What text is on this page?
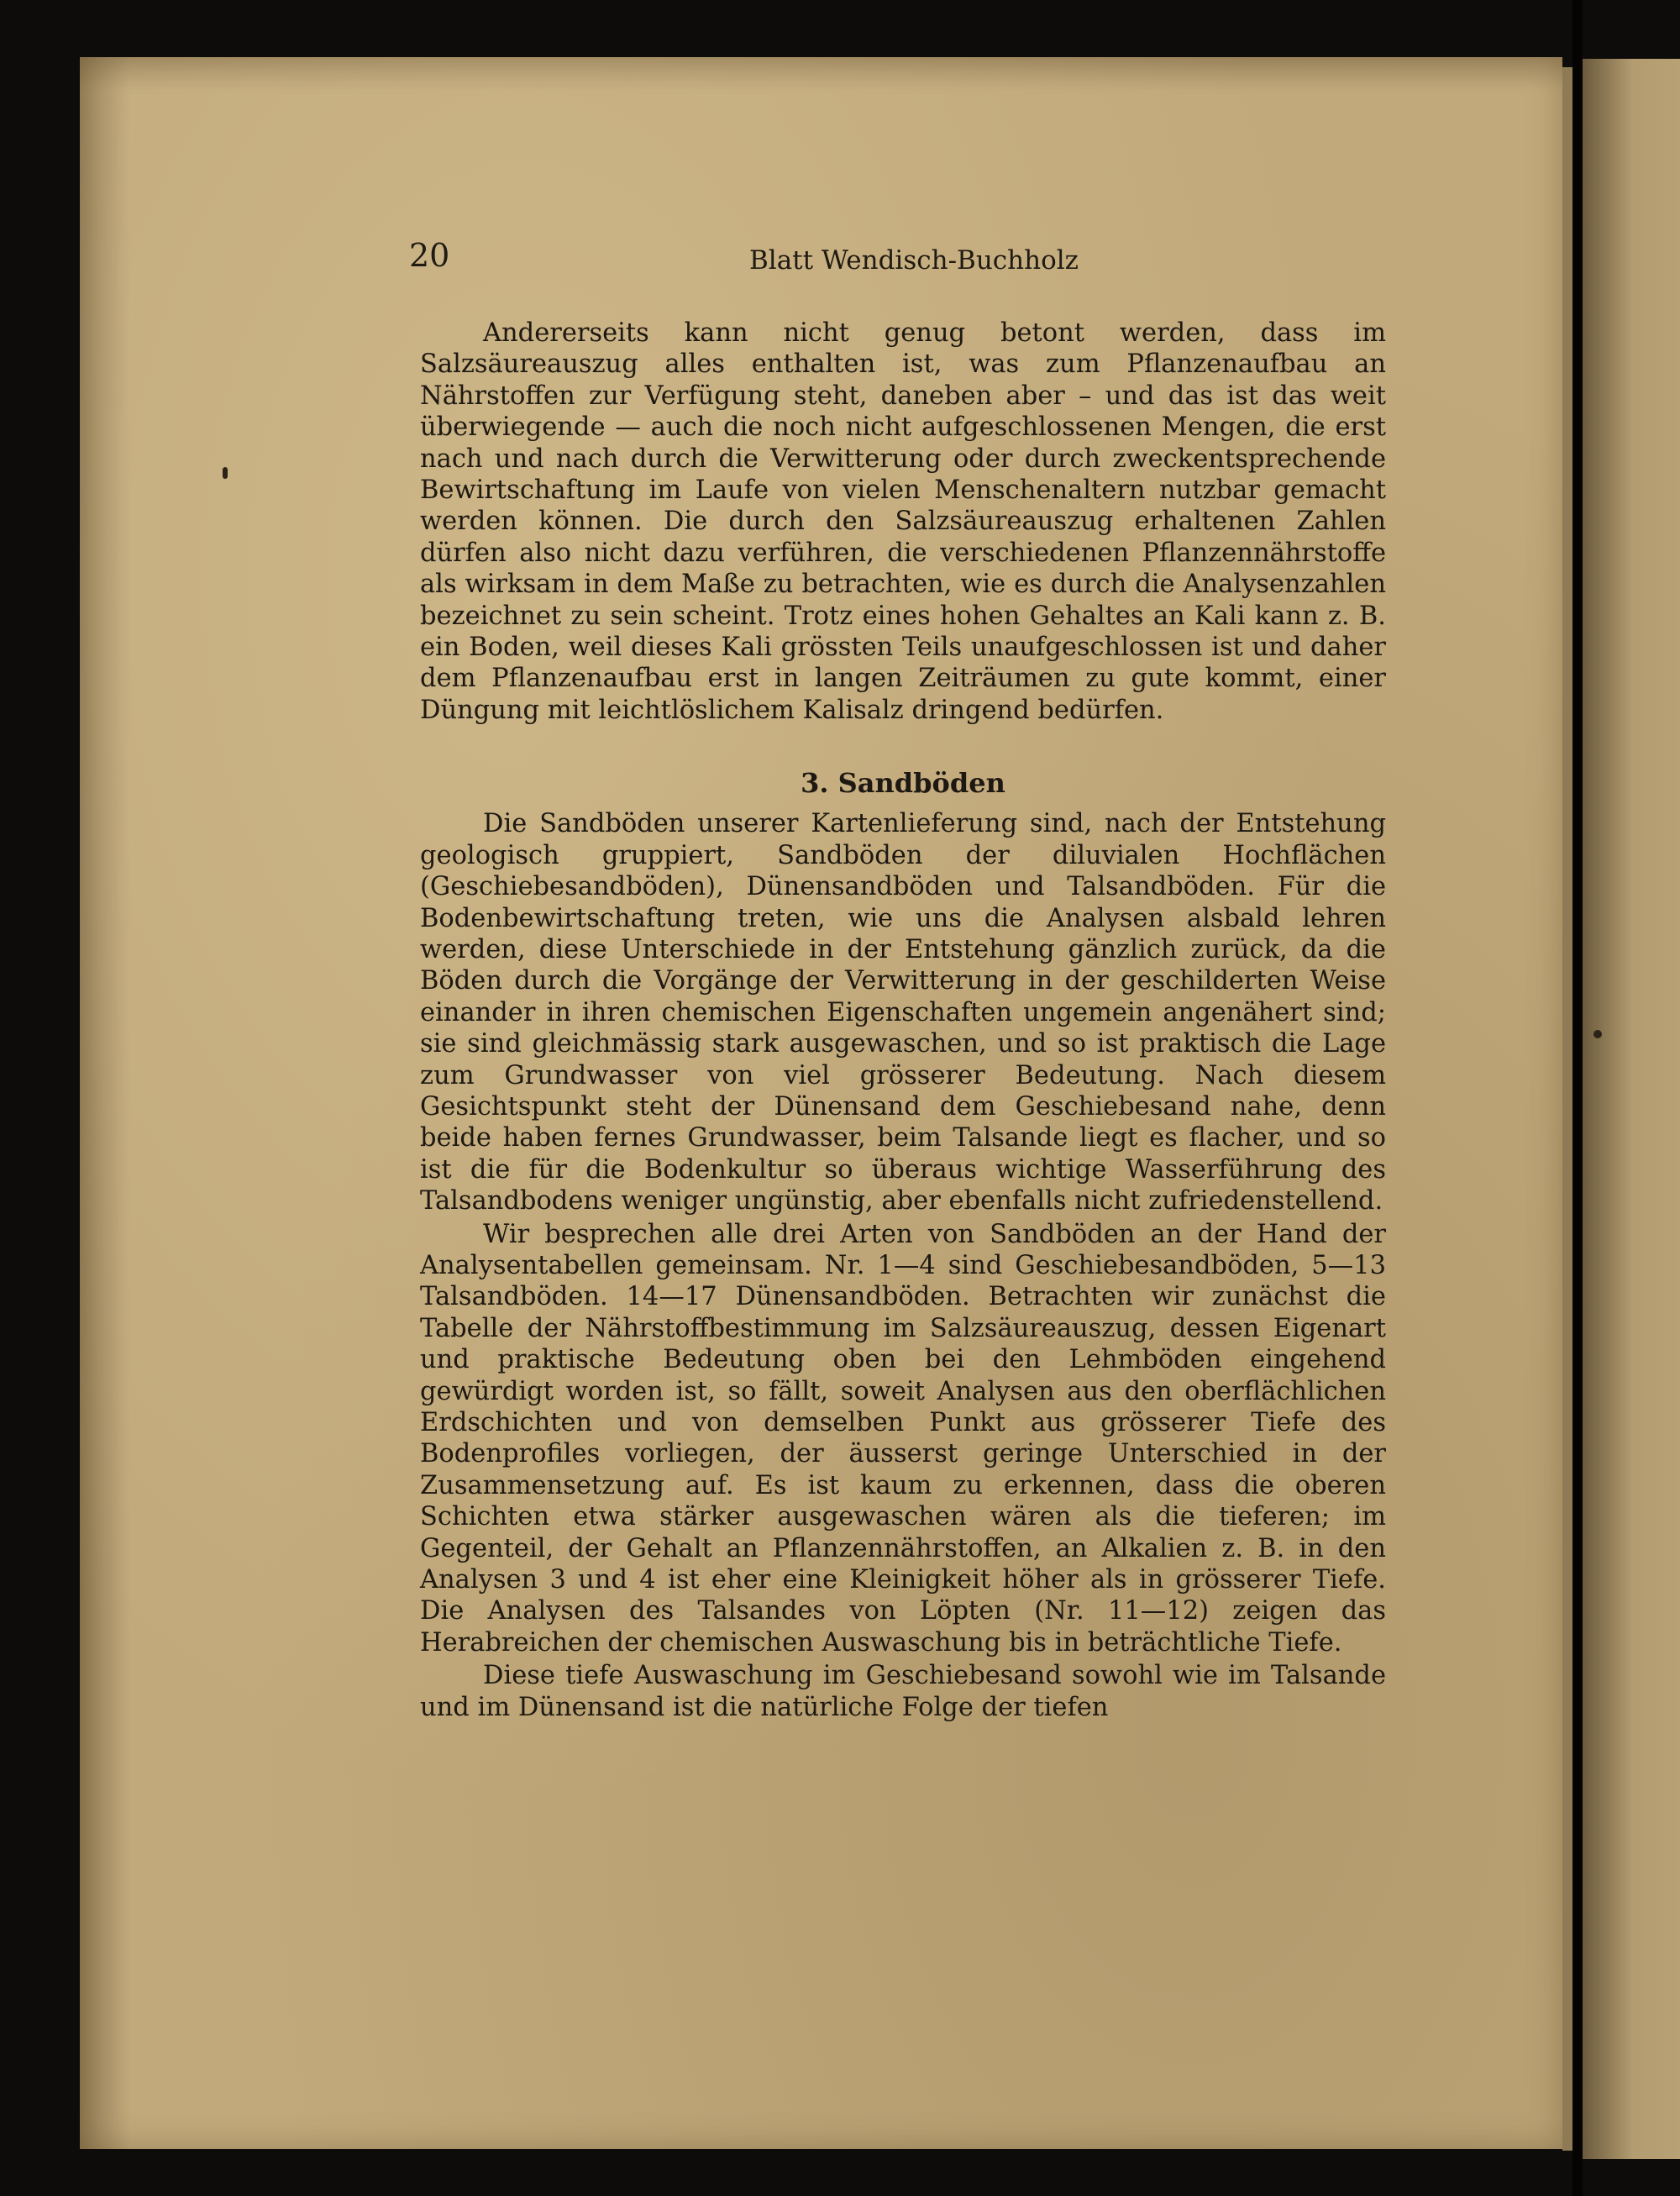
20	Blatt Wendisch-Buchholz

Andererseits kann nicht genug betont werden, dass im Salzsäureauszug alles enthalten ist, was zum Pflanzenaufbau an Nährstoffen zur Verfügung steht, daneben aber – und das ist das weit überwiegende — auch die noch nicht aufgeschlossenen Mengen, die erst nach und nach durch die Verwitterung oder durch zweckentsprechende Bewirtschaftung im Laufe von vielen Menschenaltern nutzbar gemacht werden können. Die durch den Salzsäureauszug erhaltenen Zahlen dürfen also nicht dazu verführen, die verschiedenen Pflanzennährstoffe als wirksam in dem Maße zu betrachten, wie es durch die Analysenzahlen bezeichnet zu sein scheint. Trotz eines hohen Gehaltes an Kali kann z. B. ein Boden, weil dieses Kali grössten Teils unaufgeschlossen ist und daher dem Pflanzenaufbau erst in langen Zeiträumen zu gute kommt, einer Düngung mit leichtlöslichem Kalisalz dringend bedürfen.

3. Sandböden

Die Sandböden unserer Kartenlieferung sind, nach der Entstehung geologisch gruppiert, Sandböden der diluvialen Hochflächen (Geschiebesandböden), Dünensandböden und Talsandböden. Für die Bodenbewirtschaftung treten, wie uns die Analysen alsbald lehren werden, diese Unterschiede in der Entstehung gänzlich zurück, da die Böden durch die Vorgänge der Verwitterung in der geschilderten Weise einander in ihren chemischen Eigenschaften ungemein angenähert sind; sie sind gleichmässig stark ausgewaschen, und so ist praktisch die Lage zum Grundwasser von viel grösserer Bedeutung. Nach diesem Gesichtspunkt steht der Dünensand dem Geschiebesand nahe, denn beide haben fernes Grundwasser, beim Talsande liegt es flacher, und so ist die für die Bodenkultur so überaus wichtige Wasserführung des Talsandbodens weniger ungünstig, aber ebenfalls nicht zufriedenstellend.

Wir besprechen alle drei Arten von Sandböden an der Hand der Analysentabellen gemeinsam. Nr. 1—4 sind Geschiebesandböden, 5—13 Talsandböden. 14—17 Dünensandböden. Betrachten wir zunächst die Tabelle der Nährstoffbestimmung im Salzsäureauszug, dessen Eigenart und praktische Bedeutung oben bei den Lehmböden eingehend gewürdigt worden ist, so fällt, soweit Analysen aus den oberflächlichen Erdschichten und von demselben Punkt aus grösserer Tiefe des Bodenprofiles vorliegen, der äusserst geringe Unterschied in der Zusammensetzung auf. Es ist kaum zu erkennen, dass die oberen Schichten etwa stärker ausgewaschen wären als die tieferen; im Gegenteil, der Gehalt an Pflanzennährstoffen, an Alkalien z. B. in den Analysen 3 und 4 ist eher eine Kleinigkeit höher als in grösserer Tiefe. Die Analysen des Talsandes von Löpten (Nr. 11—12) zeigen das Herabreichen der chemischen Auswaschung bis in beträchtliche Tiefe.

Diese tiefe Auswaschung im Geschiebesand sowohl wie im Talsande und im Dünensand ist die natürliche Folge der tiefen
